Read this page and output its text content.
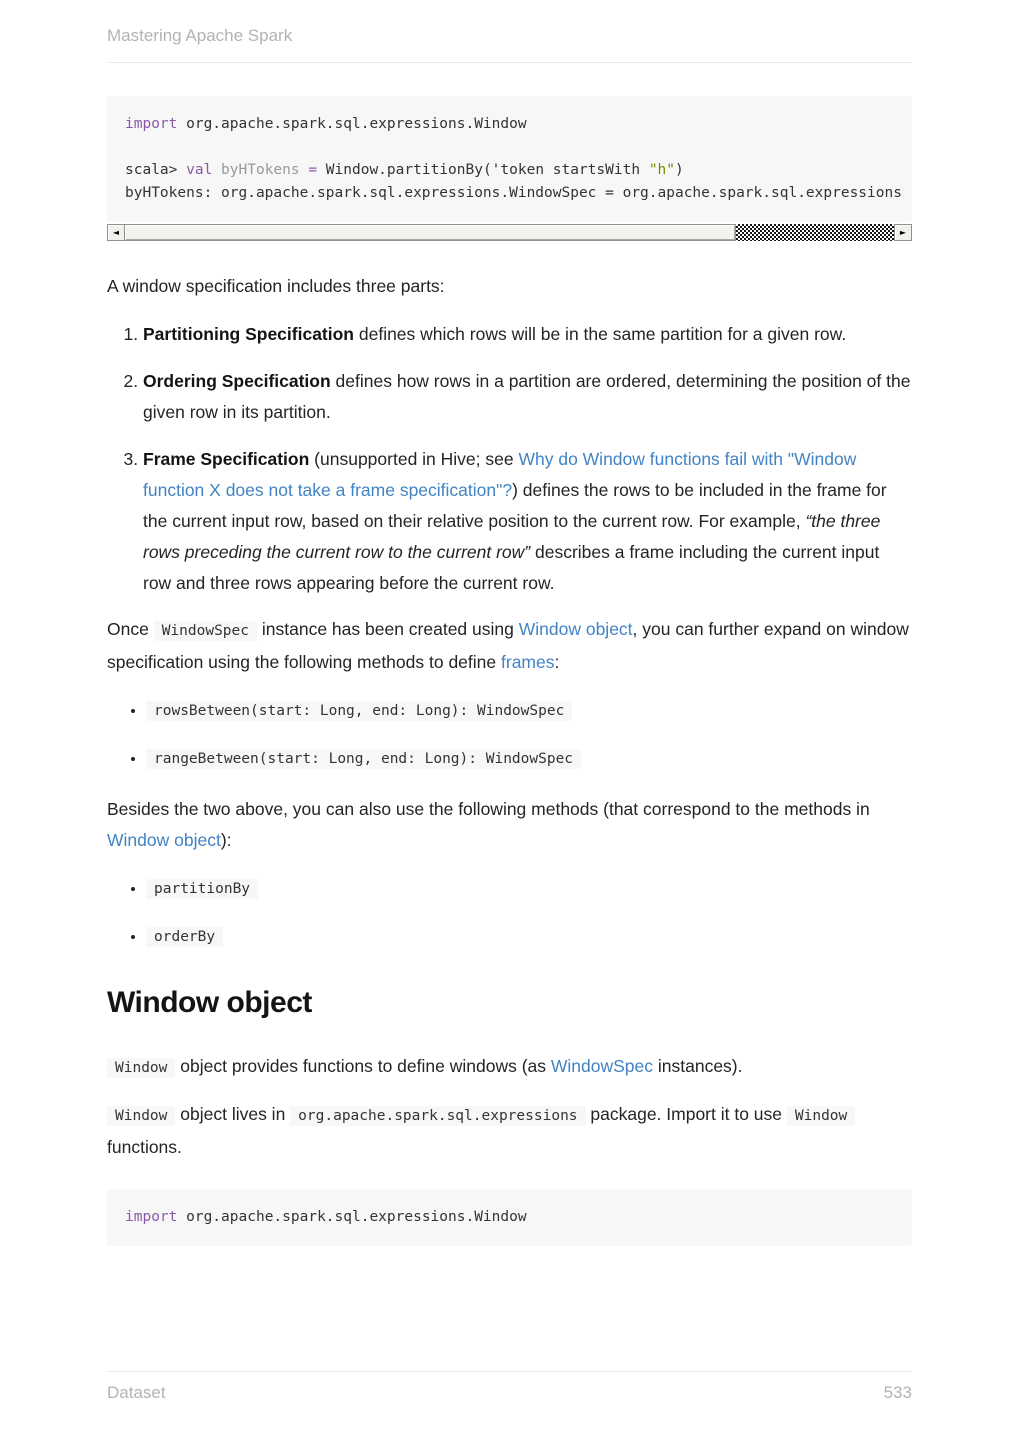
Mastering Apache Spark
import org.apache.spark.sql.expressions.Window

scala> val byHTokens = Window.partitionBy('token startsWith "h")
byHTokens: org.apache.spark.sql.expressions.WindowSpec = org.apache.spark.sql.expressions
◄	►

A window specification includes three parts:

1. Partitioning Specification defines which rows will be in the same partition for a given row.
2. Ordering Specification defines how rows in a partition are ordered, determining the position of the given row in its partition.
3. Frame Specification (unsupported in Hive; see Why do Window functions fail with "Window function X does not take a frame specification"?) defines the rows to be included in the frame for the current input row, based on their relative position to the current row. For example, “the three rows preceding the current row to the current row” describes a frame including the current input row and three rows appearing before the current row.

Once WindowSpec instance has been created using Window object, you can further expand on window specification using the following methods to define frames:

• rowsBetween(start: Long, end: Long): WindowSpec
• rangeBetween(start: Long, end: Long): WindowSpec

Besides the two above, you can also use the following methods (that correspond to the methods in Window object):

• partitionBy
• orderBy
Window object

Window object provides functions to define windows (as WindowSpec instances).

Window object lives in org.apache.spark.sql.expressions package. Import it to use Window functions.

import org.apache.spark.sql.expressions.Window
Dataset	533
